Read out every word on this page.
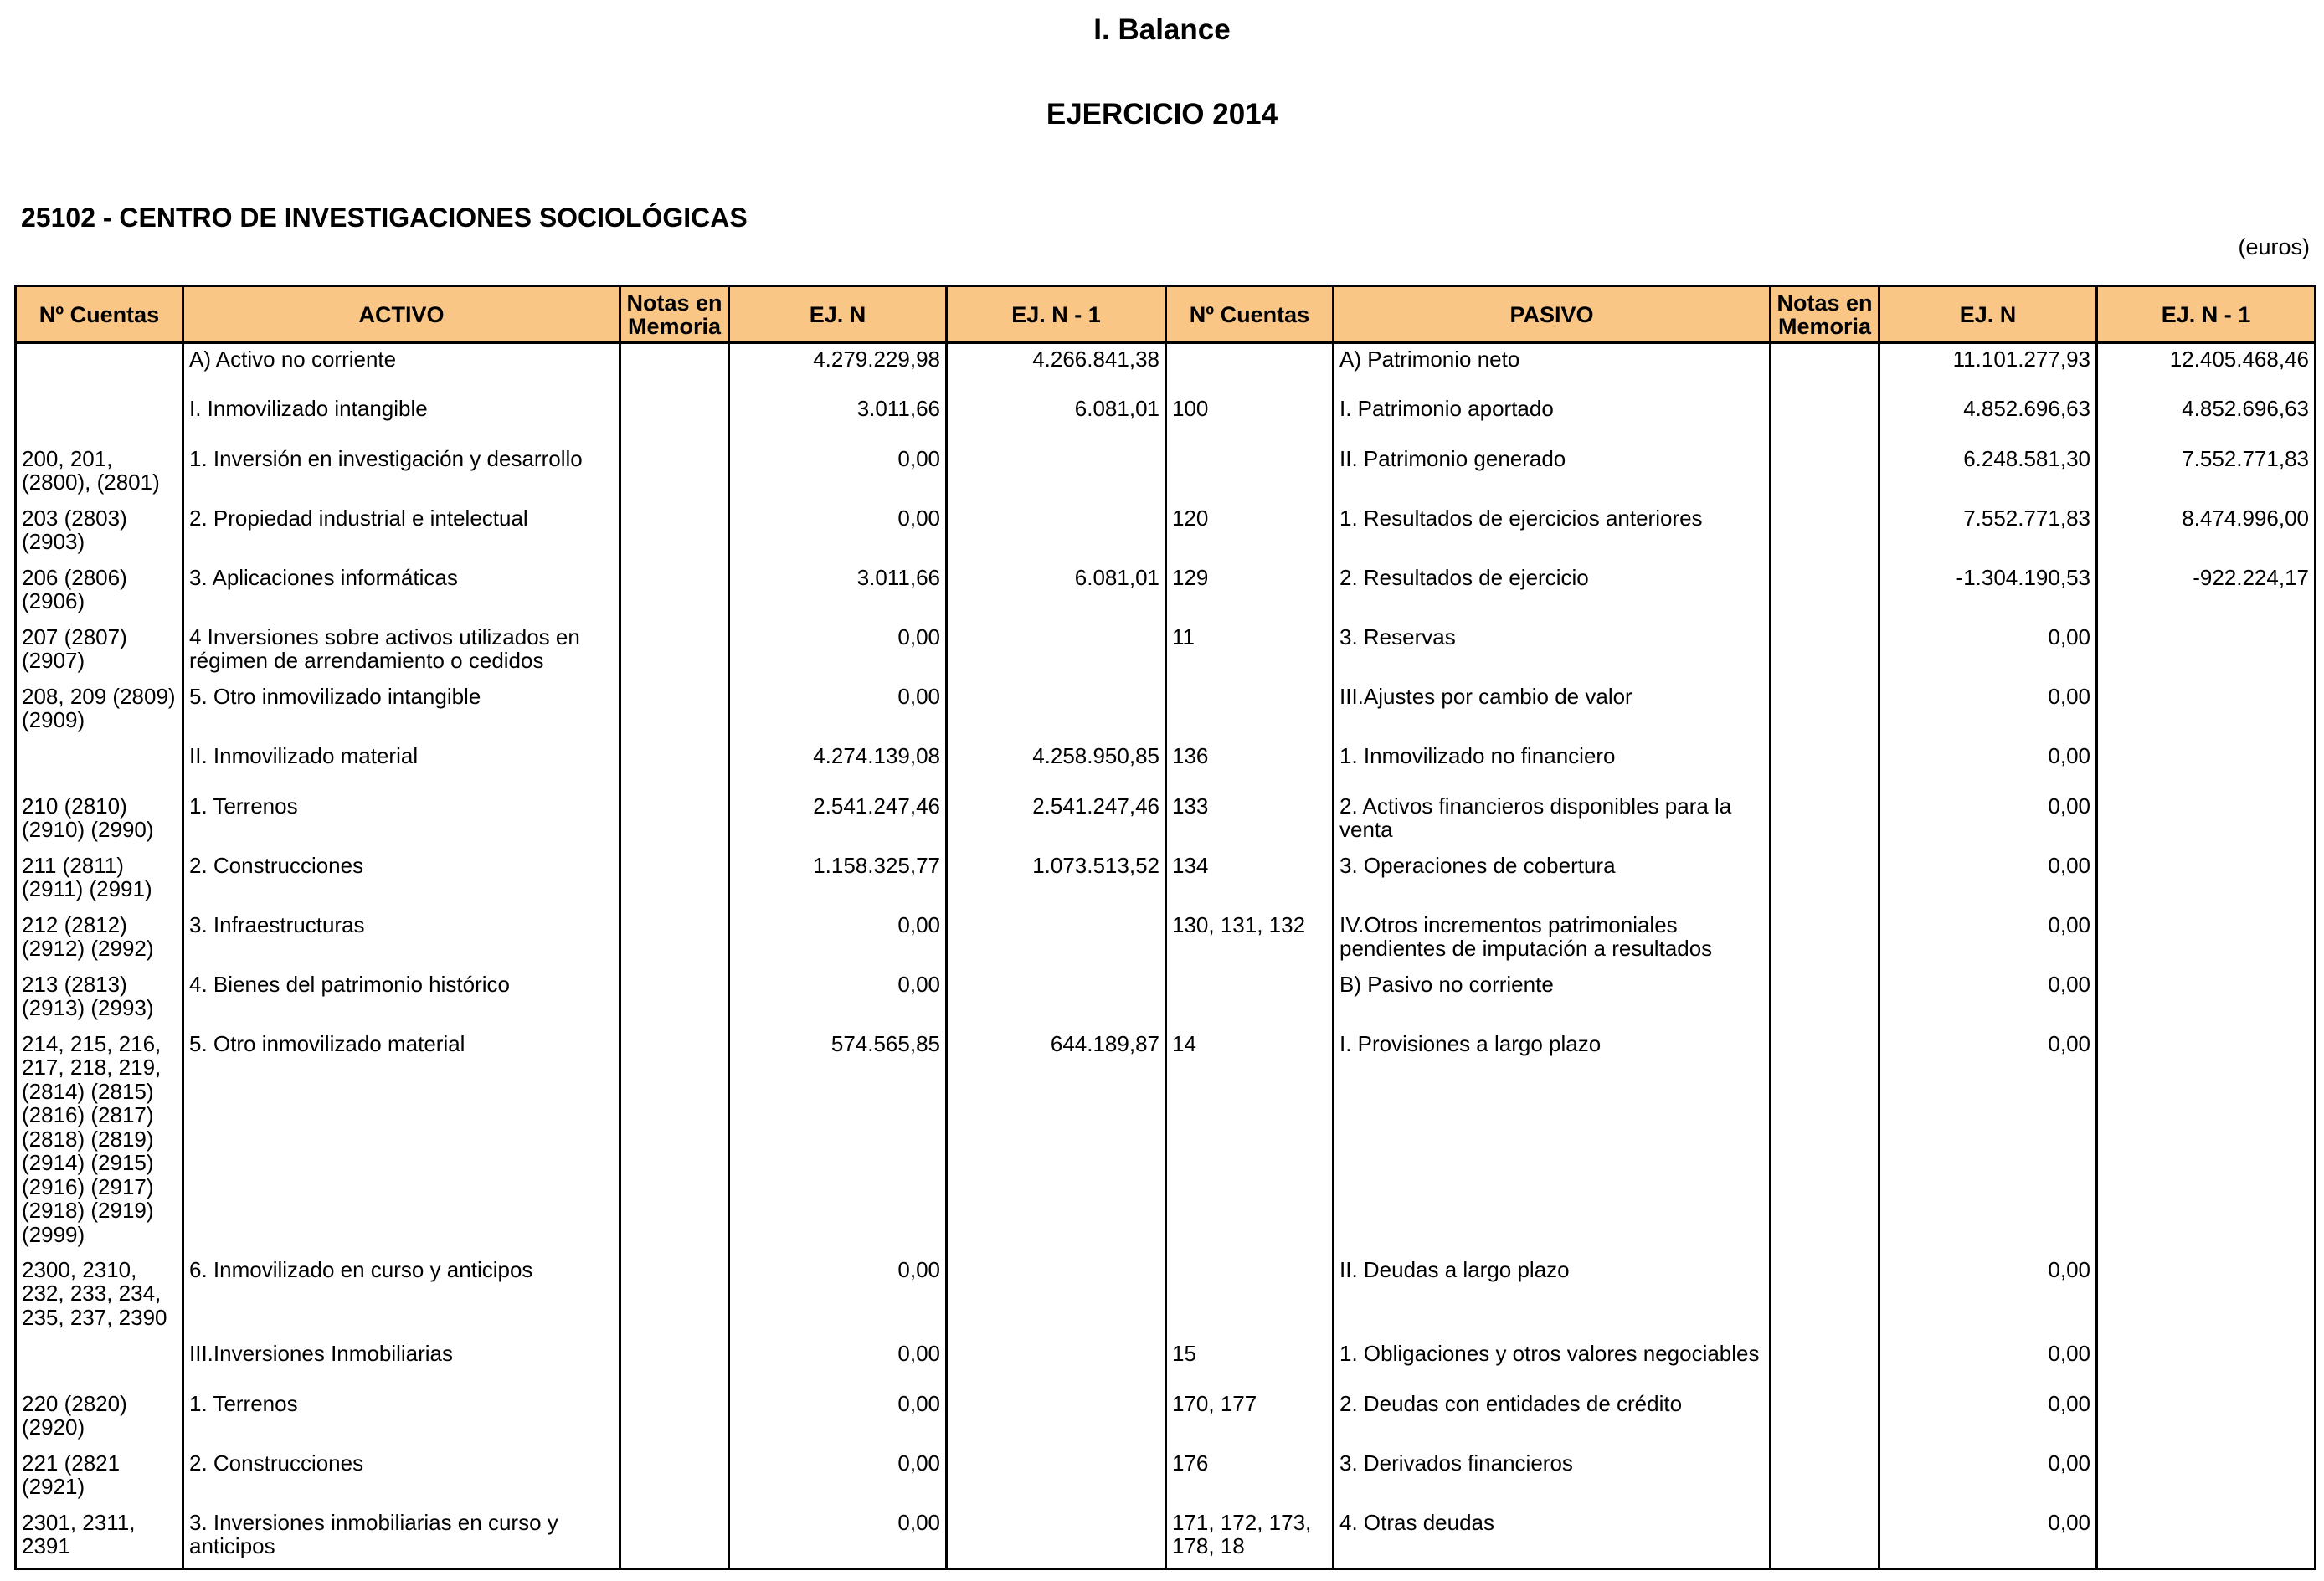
I. Balance
EJERCICIO 2014
25102 - CENTRO DE INVESTIGACIONES SOCIOLÓGICAS
(euros)
Nº Cuentas	ACTIVO	Notas en Memoria	EJ. N	EJ. N - 1	Nº Cuentas	PASIVO	Notas en Memoria	EJ. N	EJ. N - 1
	A) Activo no corriente		4.279.229,98	4.266.841,38		A) Patrimonio neto		11.101.277,93	12.405.468,46
	I. Inmovilizado intangible		3.011,66	6.081,01	100	I. Patrimonio aportado		4.852.696,63	4.852.696,63
200, 201, (2800), (2801)	1. Inversión en investigación y desarrollo		0,00			II. Patrimonio generado		6.248.581,30	7.552.771,83
203 (2803) (2903)	2. Propiedad industrial e intelectual		0,00		120	1. Resultados de ejercicios anteriores		7.552.771,83	8.474.996,00
206 (2806) (2906)	3. Aplicaciones informáticas		3.011,66	6.081,01	129	2. Resultados de ejercicio		-1.304.190,53	-922.224,17
207 (2807) (2907)	4 Inversiones sobre activos utilizados en régimen de arrendamiento o cedidos		0,00		11	3. Reservas		0,00	
208, 209 (2809) (2909)	5. Otro inmovilizado intangible		0,00			III.Ajustes por cambio de valor		0,00	
	II. Inmovilizado material		4.274.139,08	4.258.950,85	136	1. Inmovilizado no financiero		0,00	
210 (2810) (2910) (2990)	1. Terrenos		2.541.247,46	2.541.247,46	133	2. Activos financieros disponibles para la venta		0,00	
211 (2811) (2911) (2991)	2. Construcciones		1.158.325,77	1.073.513,52	134	3. Operaciones de cobertura		0,00	
212 (2812) (2912) (2992)	3. Infraestructuras		0,00		130, 131, 132	IV.Otros incrementos patrimoniales pendientes de imputación a resultados		0,00	
213 (2813) (2913) (2993)	4. Bienes del patrimonio histórico		0,00			B) Pasivo no corriente		0,00	
214, 215, 216, 217, 218, 219, (2814) (2815) (2816) (2817) (2818) (2819) (2914) (2915) (2916) (2917) (2918) (2919) (2999)	5. Otro inmovilizado material		574.565,85	644.189,87	14	I. Provisiones a largo plazo		0,00	
2300, 2310, 232, 233, 234, 235, 237, 2390	6. Inmovilizado en curso y anticipos		0,00			II. Deudas a largo plazo		0,00	
	III.Inversiones Inmobiliarias		0,00		15	1. Obligaciones y otros valores negociables		0,00	
220 (2820) (2920)	1. Terrenos		0,00		170, 177	2. Deudas con entidades de crédito		0,00	
221 (2821 (2921)	2. Construcciones		0,00		176	3. Derivados financieros		0,00	
2301, 2311, 2391	3. Inversiones inmobiliarias en curso y anticipos		0,00		171, 172, 173, 178, 18	4. Otras deudas		0,00	
